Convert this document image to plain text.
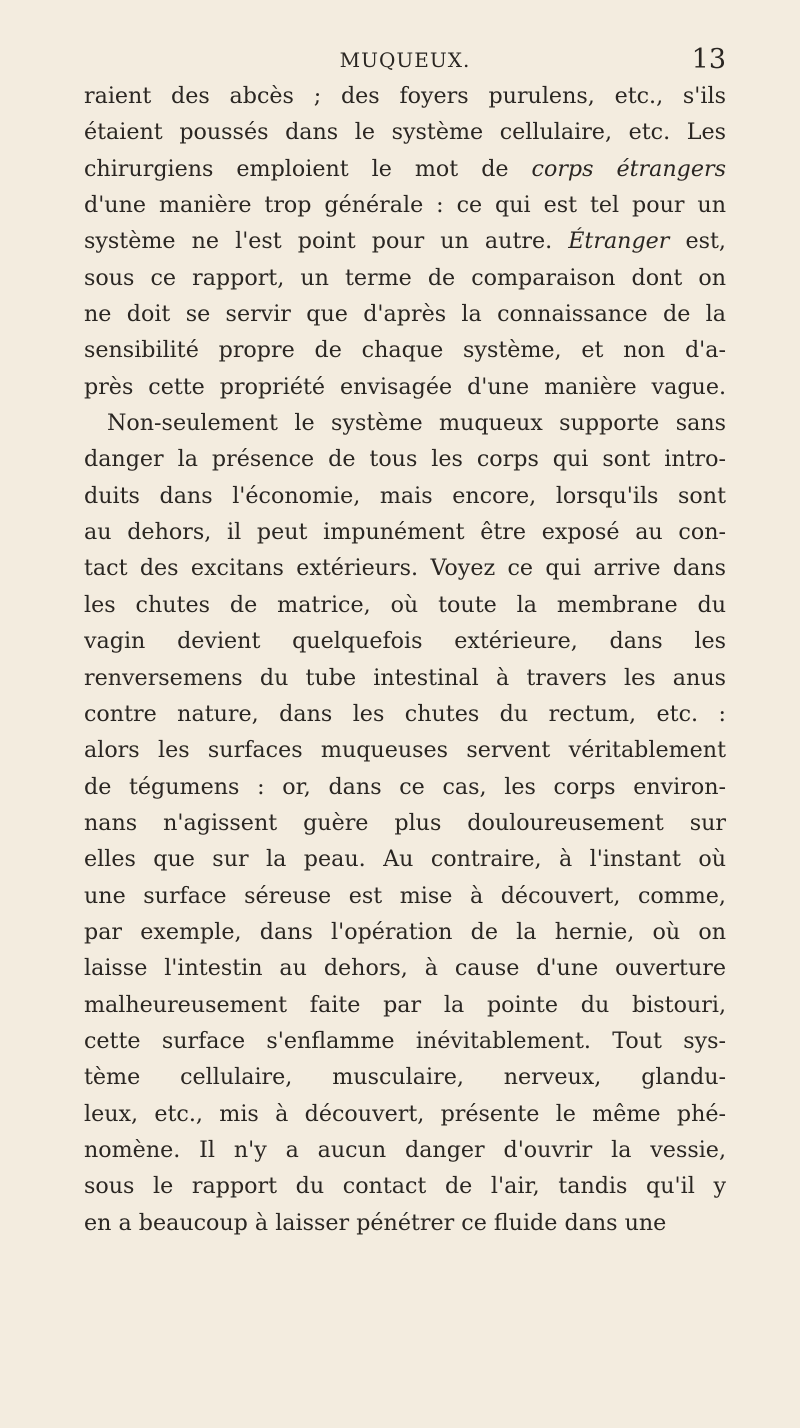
MUQUEUX.	13
raient des abcès ; des foyers purulens, etc., s'ils
étaient poussés dans le système cellulaire, etc. Les
chirurgiens emploient le mot de corps étrangers
d'une manière trop générale : ce qui est tel pour un
système ne l'est point pour un autre. Étranger est,
sous ce rapport, un terme de comparaison dont on
ne doit se servir que d'après la connaissance de la
sensibilité propre de chaque système, et non d'a-
près cette propriété envisagée d'une manière vague.
Non-seulement le système muqueux supporte sans
danger la présence de tous les corps qui sont intro-
duits dans l'économie, mais encore, lorsqu'ils sont
au dehors, il peut impunément être exposé au con-
tact des excitans extérieurs. Voyez ce qui arrive dans
les chutes de matrice, où toute la membrane du
vagin devient quelquefois extérieure, dans les
renversemens du tube intestinal à travers les anus
contre nature, dans les chutes du rectum, etc. :
alors les surfaces muqueuses servent véritablement
de tégumens : or, dans ce cas, les corps environ-
nans n'agissent guère plus douloureusement sur
elles que sur la peau. Au contraire, à l'instant où
une surface séreuse est mise à découvert, comme,
par exemple, dans l'opération de la hernie, où on
laisse l'intestin au dehors, à cause d'une ouverture
malheureusement faite par la pointe du bistouri,
cette surface s'enflamme inévitablement. Tout sys-
tème cellulaire, musculaire, nerveux, glandu-
leux, etc., mis à découvert, présente le même phé-
nomène. Il n'y a aucun danger d'ouvrir la vessie,
sous le rapport du contact de l'air, tandis qu'il y
en a beaucoup à laisser pénétrer ce fluide dans une
